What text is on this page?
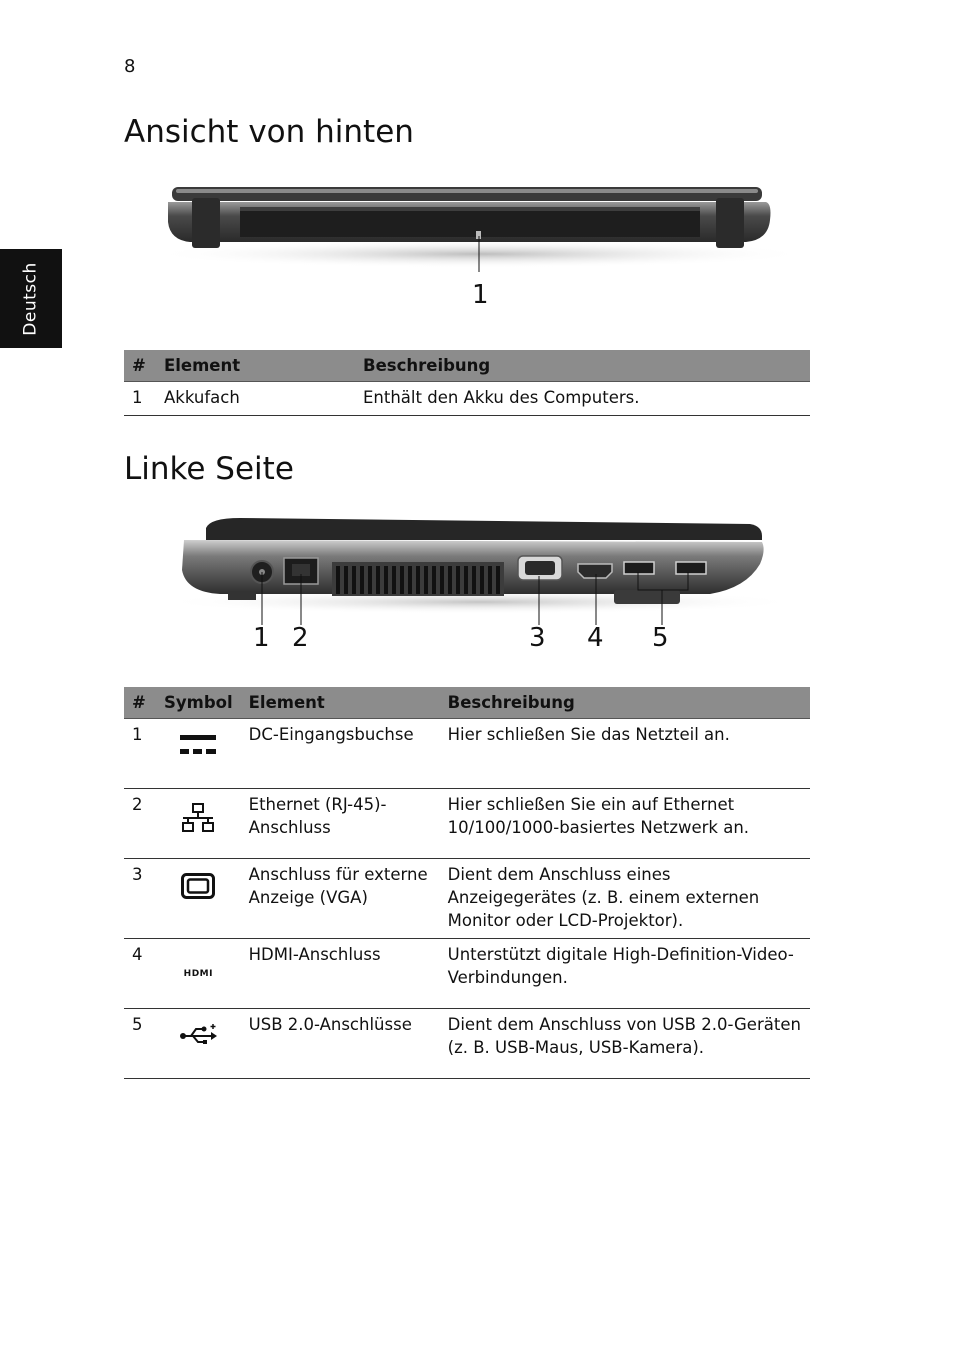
8
Deutsch
Ansicht von hinten
1
#	Element	Beschreibung
1	Akkufach	Enthält den Akku des Computers.
Linke Seite
1 2	3 4 5
#	Symbol	Element	Beschreibung
1		DC-Eingangsbuchse	Hier schließen Sie das Netzteil an.
2		Ethernet (RJ-45)-Anschluss	Hier schließen Sie ein auf Ethernet 10/100/1000-basiertes Netzwerk an.
3		Anschluss für externe Anzeige (VGA)	Dient dem Anschluss eines Anzeigegerätes (z. B. einem externen Monitor oder LCD-Projektor).
4	HDMI	HDMI-Anschluss	Unterstützt digitale High-Definition-Video-Verbindungen.
5		USB 2.0-Anschlüsse	Dient dem Anschluss von USB 2.0-Geräten (z. B. USB-Maus, USB-Kamera).
